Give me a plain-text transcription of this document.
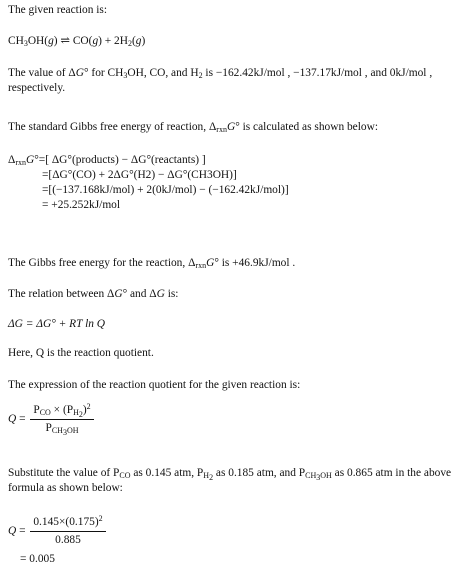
The given reaction is:
$CH_3OH(g)$ ⇌ $CO(g) + 2H_2(g)$
The value of ΔG° for $CH_3OH$, CO, and $H_2$ is −162.42kJ/mol , −137.17kJ/mol , and 0kJ/mol , respectively.
The standard Gibbs free energy of reaction, $\Delta_{rxn}G^\circ$ is calculated as shown below:
$\Delta_{rxn}G^\circ=$[ ΔG°(products) − ΔG°(reactants) ]
=[ΔG°(CO) + 2ΔG°(H2) − ΔG°(CH3OH)]
=[(−137.168kJ/mol) + 2(0kJ/mol) − (−162.42kJ/mol)]
= +25.252kJ/mol
The Gibbs free energy for the reaction, $\Delta_{rxn}G^\circ$ is +46.9kJ/mol .
The relation between ΔG° and ΔG is:
ΔG = ΔG° + RT ln Q
Here, Q is the reaction quotient.
The expression of the reaction quotient for the given reaction is:
$Q = \frac{P_{CO} \times (P_{H_2})^2}{P_{CH_3OH}}$
Substitute the value of $P_{CO}$ as 0.145 atm, $P_{H_2}$ as 0.185 atm, and $P_{CH_3OH}$ as 0.865 atm in the above formula as shown below:
$Q = \frac{0.145\times(0.175)^2}{0.885}$
= 0.005
